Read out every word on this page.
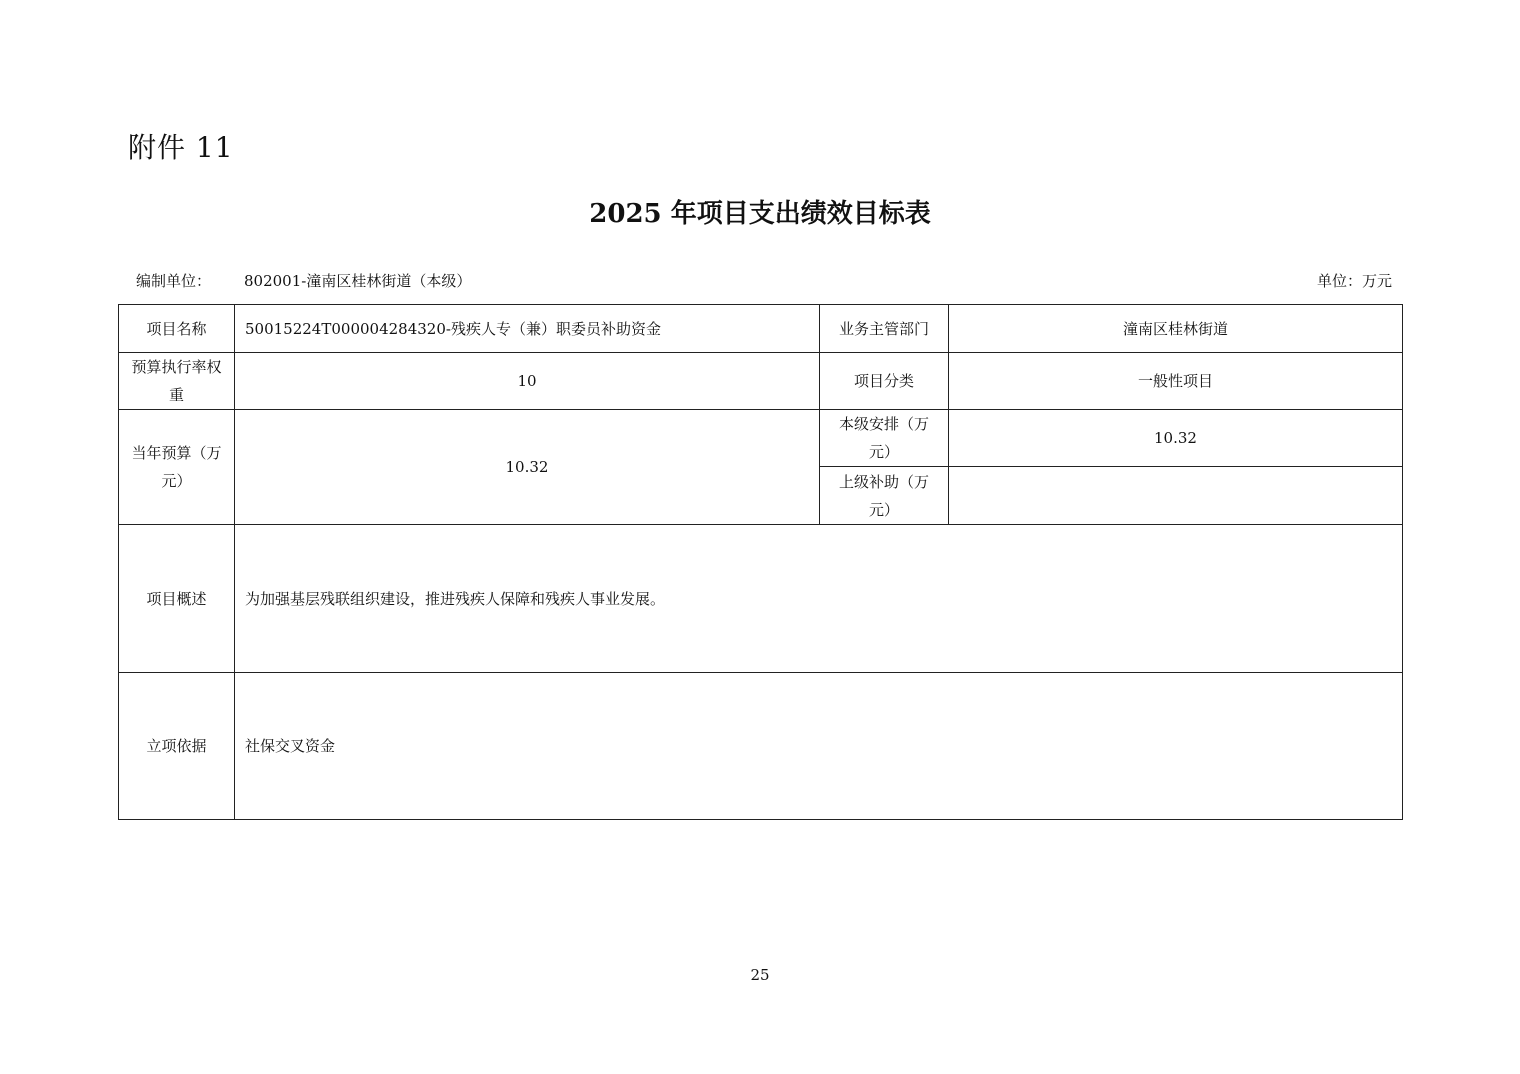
附件 11
2025 年项目支出绩效目标表
编制单位：	802001-潼南区桂林街道（本级）	单位：万元
项目名称	50015224T000004284320-残疾人专（兼）职委员补助资金	业务主管部门	潼南区桂林街道
预算执行率权重	10	项目分类	一般性项目
当年预算（万元）	10.32	本级安排（万元）	10.32
		上级补助（万元）	
项目概述	为加强基层残联组织建设，推进残疾人保障和残疾人事业发展。		
立项依据	社保交叉资金		
25
